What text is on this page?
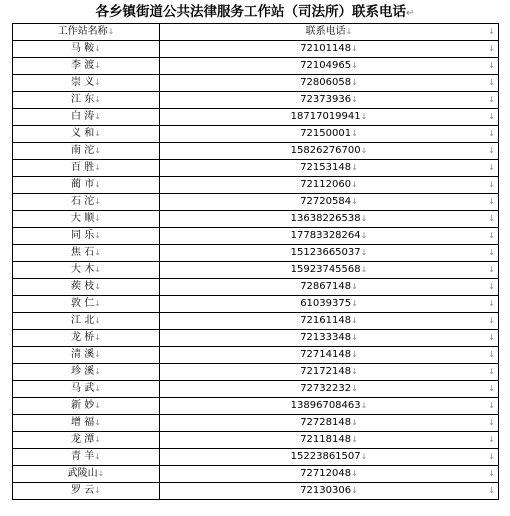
各乡镇街道公共法律服务工作站（司法所）联系电话↵
工作站名称↓	联系电话↓ ↓

马 鞍↓	72101148↓ ↓

李 渡↓	72104965↓ ↓

崇 义↓	72806058↓ ↓

江 东↓	72373936↓ ↓

白 涛↓	18717019941↓ ↓

义 和↓	72150001↓ ↓

南 沱↓	15826276700↓ ↓

百 胜↓	72153148↓ ↓

蔺 市↓	72112060↓ ↓

石 沱↓	72720584↓ ↓

大 顺↓	13638226538↓ ↓

同 乐↓	17783328264↓ ↓

焦 石↓	15123665037↓ ↓

大 木↓	15923745568↓ ↓

蒺 枝↓	72867148↓ ↓

敦 仁↓	61039375↓ ↓

江 北↓	72161148↓ ↓

龙 桥↓	72133348↓ ↓

清 溪↓	72714148↓ ↓

珍 溪↓	72172148↓ ↓

马 武↓	72732232↓ ↓

新 妙↓	13896708463↓ ↓

增 福↓	72728148↓ ↓

龙 潭↓	72118148↓ ↓

青 羊↓	15223861507↓ ↓

武陵山↓	72712048↓ ↓

罗 云↓	72130306↓ ↓
